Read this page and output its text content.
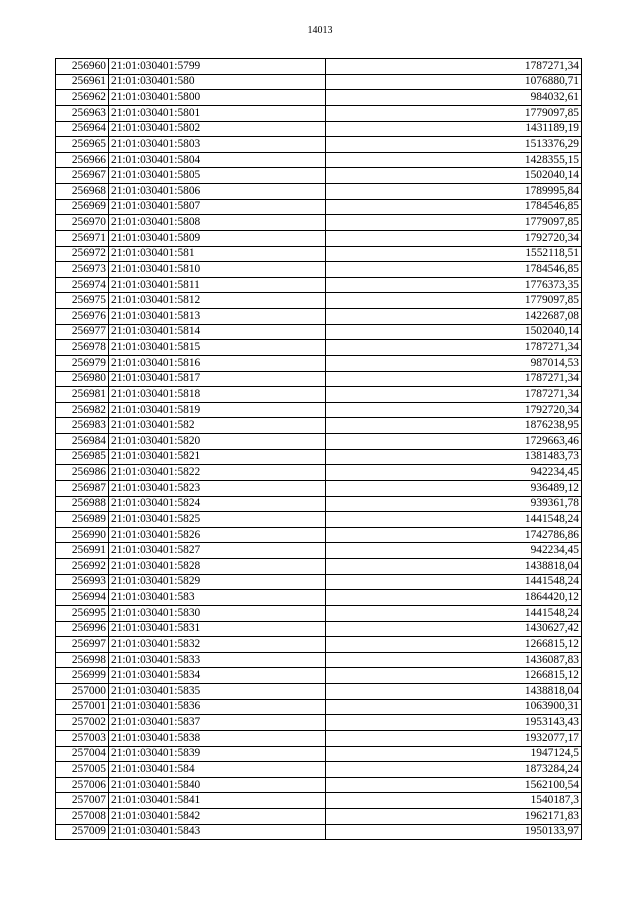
14013
256960	21:01:030401:5799	1787271,34
256961	21:01:030401:580	1076880,71
256962	21:01:030401:5800	984032,61
256963	21:01:030401:5801	1779097,85
256964	21:01:030401:5802	1431189,19
256965	21:01:030401:5803	1513376,29
256966	21:01:030401:5804	1428355,15
256967	21:01:030401:5805	1502040,14
256968	21:01:030401:5806	1789995,84
256969	21:01:030401:5807	1784546,85
256970	21:01:030401:5808	1779097,85
256971	21:01:030401:5809	1792720,34
256972	21:01:030401:581	1552118,51
256973	21:01:030401:5810	1784546,85
256974	21:01:030401:5811	1776373,35
256975	21:01:030401:5812	1779097,85
256976	21:01:030401:5813	1422687,08
256977	21:01:030401:5814	1502040,14
256978	21:01:030401:5815	1787271,34
256979	21:01:030401:5816	987014,53
256980	21:01:030401:5817	1787271,34
256981	21:01:030401:5818	1787271,34
256982	21:01:030401:5819	1792720,34
256983	21:01:030401:582	1876238,95
256984	21:01:030401:5820	1729663,46
256985	21:01:030401:5821	1381483,73
256986	21:01:030401:5822	942234,45
256987	21:01:030401:5823	936489,12
256988	21:01:030401:5824	939361,78
256989	21:01:030401:5825	1441548,24
256990	21:01:030401:5826	1742786,86
256991	21:01:030401:5827	942234,45
256992	21:01:030401:5828	1438818,04
256993	21:01:030401:5829	1441548,24
256994	21:01:030401:583	1864420,12
256995	21:01:030401:5830	1441548,24
256996	21:01:030401:5831	1430627,42
256997	21:01:030401:5832	1266815,12
256998	21:01:030401:5833	1436087,83
256999	21:01:030401:5834	1266815,12
257000	21:01:030401:5835	1438818,04
257001	21:01:030401:5836	1063900,31
257002	21:01:030401:5837	1953143,43
257003	21:01:030401:5838	1932077,17
257004	21:01:030401:5839	1947124,5
257005	21:01:030401:584	1873284,24
257006	21:01:030401:5840	1562100,54
257007	21:01:030401:5841	1540187,3
257008	21:01:030401:5842	1962171,83
257009	21:01:030401:5843	1950133,97
